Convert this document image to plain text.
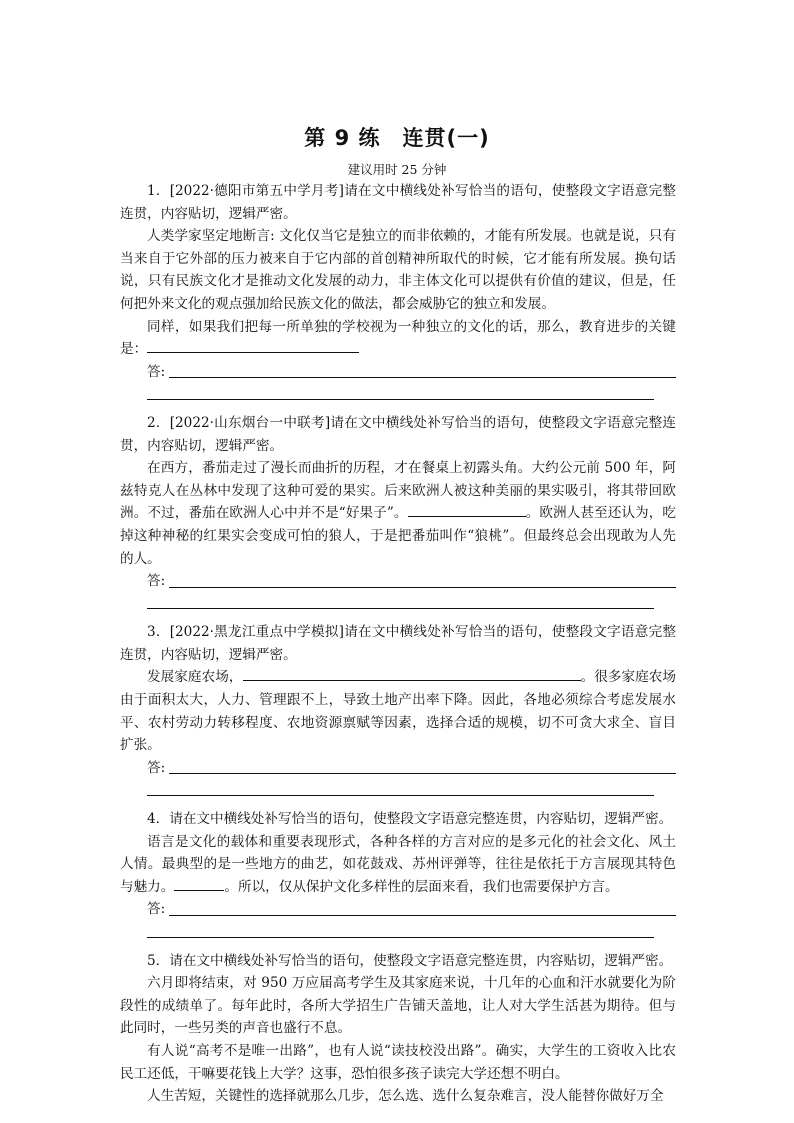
第 9 练　连贯(一)
建议用时 25 分钟

1．[2022·德阳市第五中学月考]请在文中横线处补写恰当的语句，使整段文字语意完整连贯，内容贴切，逻辑严密。

人类学家坚定地断言: 文化仅当它是独立的而非依赖的，才能有所发展。也就是说，只有当来自于它外部的压力被来自于它内部的首创精神所取代的时候，它才能有所发展。换句话说，只有民族文化才是推动文化发展的动力，非主体文化可以提供有价值的建议，但是，任何把外来文化的观点强加给民族文化的做法，都会威胁它的独立和发展。

同样，如果我们把每一所单独的学校视为一种独立的文化的话，那么，教育进步的关键是：

答:

2．[2022·山东烟台一中联考]请在文中横线处补写恰当的语句，使整段文字语意完整连贯，内容贴切，逻辑严密。

在西方，番茄走过了漫长而曲折的历程，才在餐桌上初露头角。大约公元前 500 年，阿兹特克人在丛林中发现了这种可爱的果实。后来欧洲人被这种美丽的果实吸引，将其带回欧洲。不过，番茄在欧洲人心中并不是“好果子”。	。欧洲人甚至还认为，吃掉这种神秘的红果实会变成可怕的狼人，于是把番茄叫作“狼桃”。但最终总会出现敢为人先的人。

答:

3．[2022·黑龙江重点中学模拟]请在文中横线处补写恰当的语句，使整段文字语意完整连贯，内容贴切，逻辑严密。

发展家庭农场，	。很多家庭农场由于面积太大，人力、管理跟不上，导致土地产出率下降。因此，各地必须综合考虑发展水平、农村劳动力转移程度、农地资源禀赋等因素，选择合适的规模，切不可贪大求全、盲目扩张。

答:

4．请在文中横线处补写恰当的语句，使整段文字语意完整连贯，内容贴切，逻辑严密。

语言是文化的载体和重要表现形式，各种各样的方言对应的是多元化的社会文化、风土人情。最典型的是一些地方的曲艺，如花鼓戏、苏州评弹等，往往是依托于方言展现其特色与魅力。	。所以，仅从保护文化多样性的层面来看，我们也需要保护方言。

答:

5．请在文中横线处补写恰当的语句，使整段文字语意完整连贯，内容贴切，逻辑严密。

六月即将结束，对 950 万应届高考学生及其家庭来说，十几年的心血和汗水就要化为阶段性的成绩单了。每年此时，各所大学招生广告铺天盖地，让人对大学生活甚为期待。但与此同时，一些另类的声音也盛行不息。

有人说“高考不是唯一出路”，也有人说“读技校没出路”。确实，大学生的工资收入比农民工还低，干嘛要花钱上大学？这事，恐怕很多孩子读完大学还想不明白。

人生苦短，关键性的选择就那么几步，怎么选、选什么复杂难言，没人能替你做好万全
